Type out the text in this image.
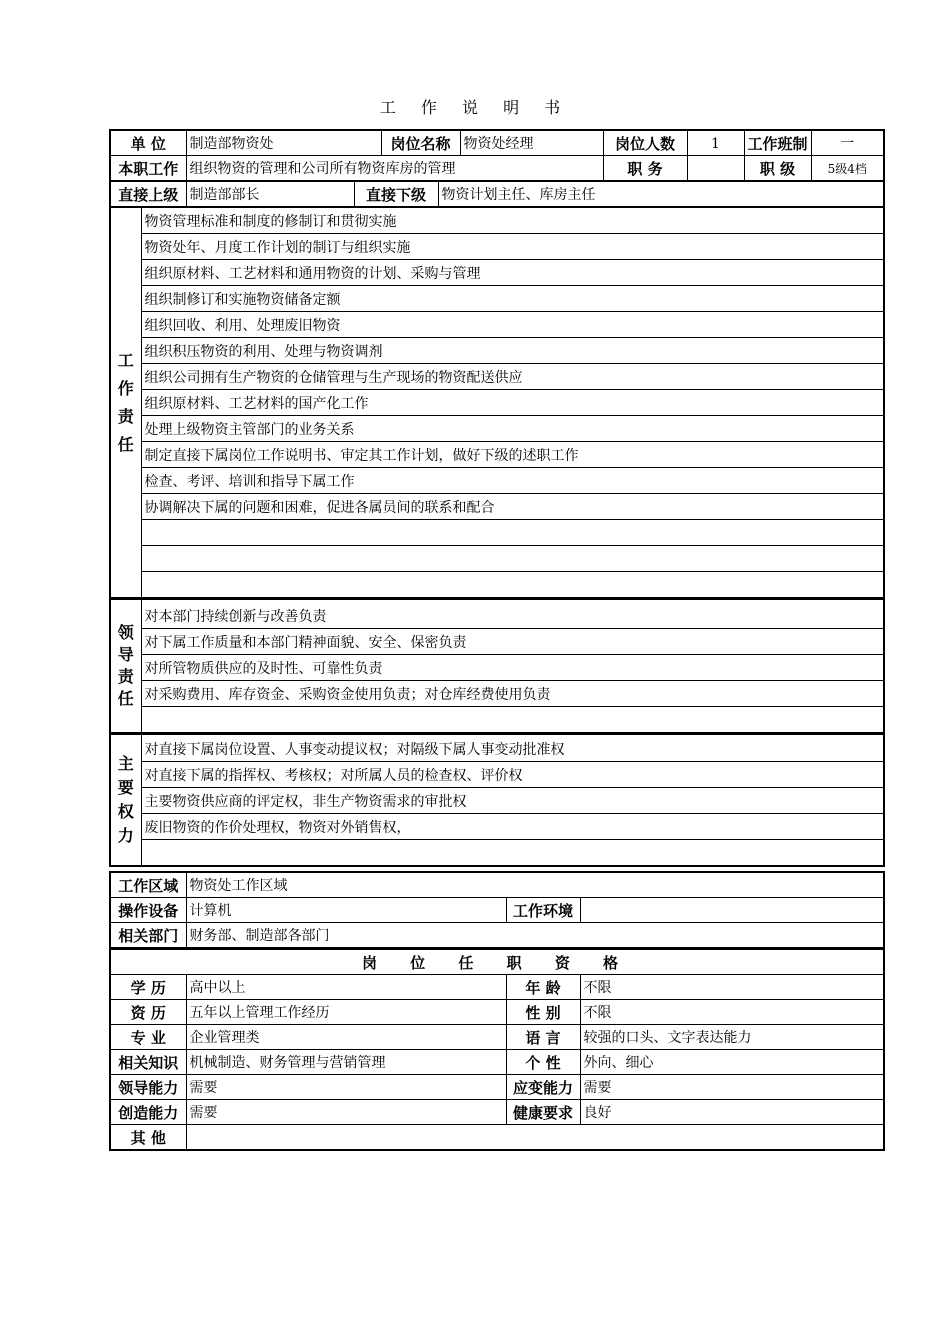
工 作 说 明 书
单 位	制造部物资处	岗位名称	物资处经理	岗位人数	1	工作班制	一
本职工作	组织物资的管理和公司所有物资库房的管理			职 务		职 级	5级4档
直接上级	制造部部长	直接下级	物资计划主任、库房主任
工
作
责
任
	物资管理标准和制度的修制订和贯彻实施
物资处年、月度工作计划的制订与组织实施
组织原材料、工艺材料和通用物资的计划、采购与管理
组织制修订和实施物资储备定额
组织回收、利用、处理废旧物资
组织积压物资的利用、处理与物资调剂
组织公司拥有生产物资的仓储管理与生产现场的物资配送供应
组织原材料、工艺材料的国产化工作
处理上级物资主管部门的业务关系
制定直接下属岗位工作说明书、审定其工作计划，做好下级的述职工作
检查、考评、培训和指导下属工作
协调解决下属的问题和困难，促进各属员间的联系和配合

领
导
责
任
	对本部门持续创新与改善负责
对下属工作质量和本部门精神面貌、安全、保密负责
对所管物质供应的及时性、可靠性负责
对采购费用、库存资金、采购资金使用负责；对仓库经费使用负责

主
要
权
力
	对直接下属岗位设置、人事变动提议权；对隔级下属人事变动批准权
对直接下属的指挥权、考核权；对所属人员的检查权、评价权
主要物资供应商的评定权，非生产物资需求的审批权
废旧物资的作价处理权，物资对外销售权，

工作区域	物资处工作区域		
操作设备	计算机	工作环境	
相关部门	财务部、制造部各部门		
岗 位 任 职 资 格			
学 历	高中以上	年 龄	不限
资 历	五年以上管理工作经历	性 别	不限
专 业	企业管理类	语 言	较强的口头、文字表达能力
相关知识	机械制造、财务管理与营销管理	个 性	外向、细心
领导能力	需要	应变能力	需要
创造能力	需要	健康要求	良好
其 他			
